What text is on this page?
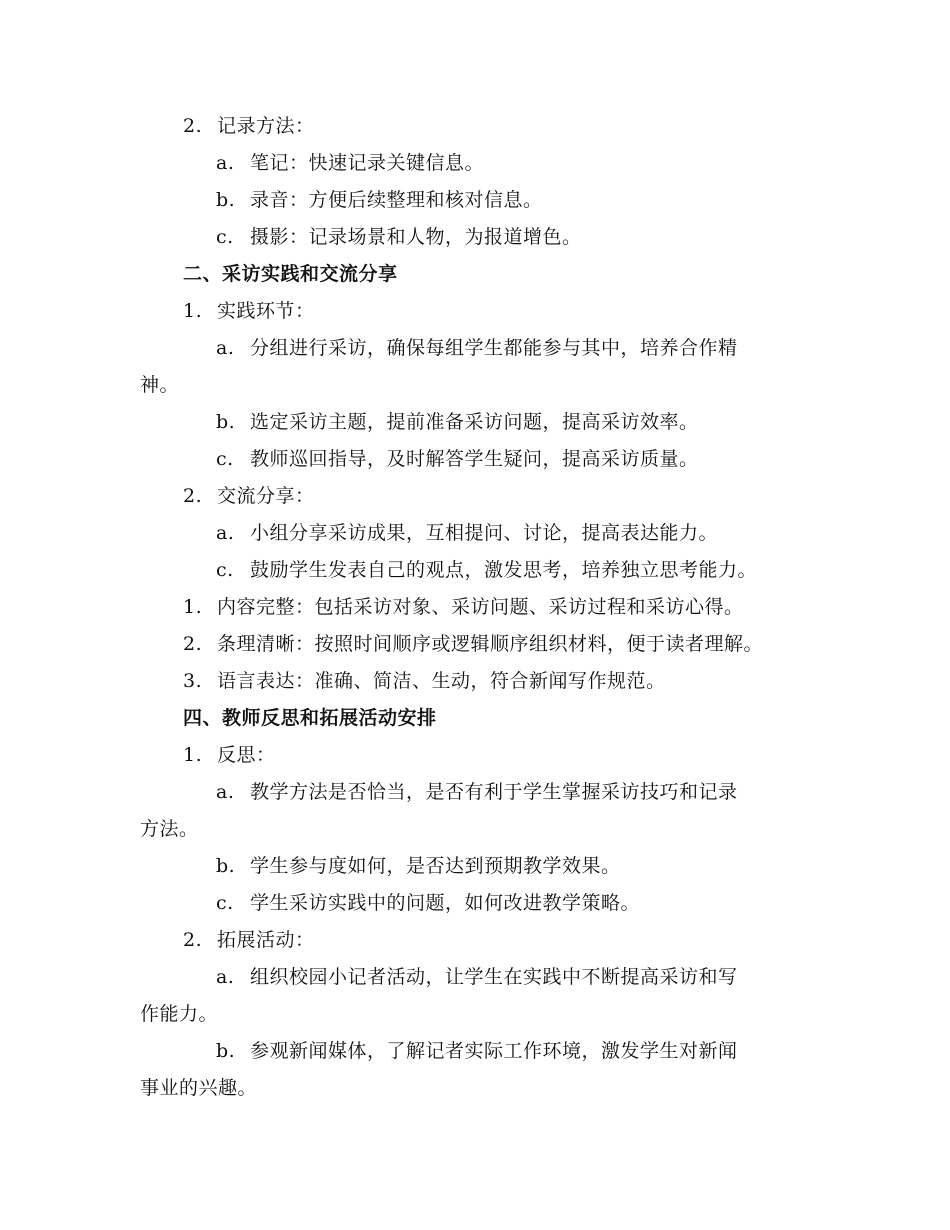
2. 记录方法：
a. 笔记：快速记录关键信息。
b. 录音：方便后续整理和核对信息。
c. 摄影：记录场景和人物，为报道增色。
二、采访实践和交流分享
1. 实践环节：
a. 分组进行采访，确保每组学生都能参与其中，培养合作精
神。
b. 选定采访主题，提前准备采访问题，提高采访效率。
c. 教师巡回指导，及时解答学生疑问，提高采访质量。
2. 交流分享：
a. 小组分享采访成果，互相提问、讨论，提高表达能力。
c. 鼓励学生发表自己的观点，激发思考，培养独立思考能力。
1. 内容完整：包括采访对象、采访问题、采访过程和采访心得。
2. 条理清晰：按照时间顺序或逻辑顺序组织材料，便于读者理解。
3. 语言表达：准确、简洁、生动，符合新闻写作规范。
四、教师反思和拓展活动安排
1. 反思：
a. 教学方法是否恰当，是否有利于学生掌握采访技巧和记录
方法。
b. 学生参与度如何，是否达到预期教学效果。
c. 学生采访实践中的问题，如何改进教学策略。
2. 拓展活动：
a. 组织校园小记者活动，让学生在实践中不断提高采访和写
作能力。
b. 参观新闻媒体，了解记者实际工作环境，激发学生对新闻
事业的兴趣。
